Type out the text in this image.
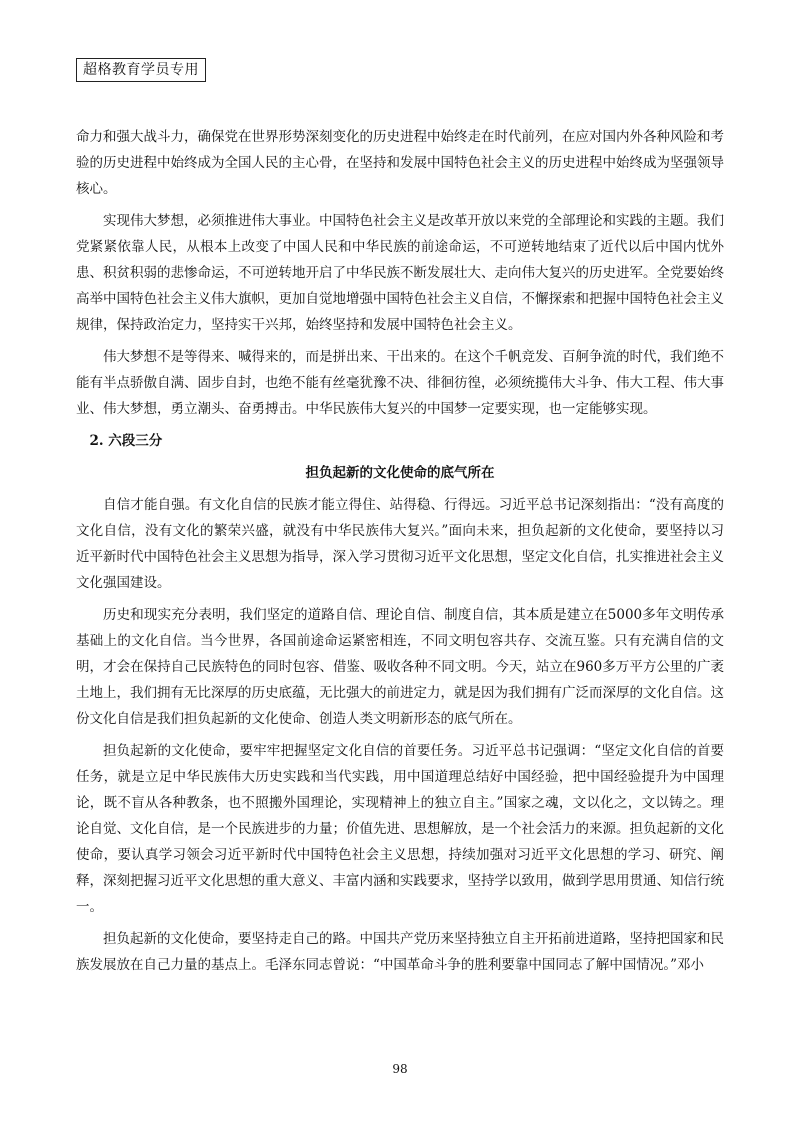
超格教育学员专用

命力和强大战斗力，确保党在世界形势深刻变化的历史进程中始终走在时代前列，在应对国内外各种风险和考验的历史进程中始终成为全国人民的主心骨，在坚持和发展中国特色社会主义的历史进程中始终成为坚强领导核心。

实现伟大梦想，必须推进伟大事业。中国特色社会主义是改革开放以来党的全部理论和实践的主题。我们党紧紧依靠人民，从根本上改变了中国人民和中华民族的前途命运，不可逆转地结束了近代以后中国内忧外患、积贫积弱的悲惨命运，不可逆转地开启了中华民族不断发展壮大、走向伟大复兴的历史进军。全党要始终高举中国特色社会主义伟大旗帜，更加自觉地增强中国特色社会主义自信，不懈探索和把握中国特色社会主义规律，保持政治定力，坚持实干兴邦，始终坚持和发展中国特色社会主义。

伟大梦想不是等得来、喊得来的，而是拼出来、干出来的。在这个千帆竞发、百舸争流的时代，我们绝不能有半点骄傲自满、固步自封，也绝不能有丝毫犹豫不决、徘徊彷徨，必须统揽伟大斗争、伟大工程、伟大事业、伟大梦想，勇立潮头、奋勇搏击。中华民族伟大复兴的中国梦一定要实现，也一定能够实现。

2. 六段三分
担负起新的文化使命的底气所在

自信才能自强。有文化自信的民族才能立得住、站得稳、行得远。习近平总书记深刻指出：“没有高度的文化自信，没有文化的繁荣兴盛，就没有中华民族伟大复兴。”面向未来，担负起新的文化使命，要坚持以习近平新时代中国特色社会主义思想为指导，深入学习贯彻习近平文化思想，坚定文化自信，扎实推进社会主义文化强国建设。

历史和现实充分表明，我们坚定的道路自信、理论自信、制度自信，其本质是建立在5000多年文明传承基础上的文化自信。当今世界，各国前途命运紧密相连，不同文明包容共存、交流互鉴。只有充满自信的文明，才会在保持自己民族特色的同时包容、借鉴、吸收各种不同文明。今天，站立在960多万平方公里的广袤土地上，我们拥有无比深厚的历史底蕴，无比强大的前进定力，就是因为我们拥有广泛而深厚的文化自信。这份文化自信是我们担负起新的文化使命、创造人类文明新形态的底气所在。

担负起新的文化使命，要牢牢把握坚定文化自信的首要任务。习近平总书记强调：“坚定文化自信的首要任务，就是立足中华民族伟大历史实践和当代实践，用中国道理总结好中国经验，把中国经验提升为中国理论，既不盲从各种教条，也不照搬外国理论，实现精神上的独立自主。”国家之魂，文以化之，文以铸之。理论自觉、文化自信，是一个民族进步的力量；价值先进、思想解放，是一个社会活力的来源。担负起新的文化使命，要认真学习领会习近平新时代中国特色社会主义思想，持续加强对习近平文化思想的学习、研究、阐释，深刻把握习近平文化思想的重大意义、丰富内涵和实践要求，坚持学以致用，做到学思用贯通、知信行统一。

担负起新的文化使命，要坚持走自己的路。中国共产党历来坚持独立自主开拓前进道路，坚持把国家和民族发展放在自己力量的基点上。毛泽东同志曾说：“中国革命斗争的胜利要靠中国同志了解中国情况。”邓小

98
